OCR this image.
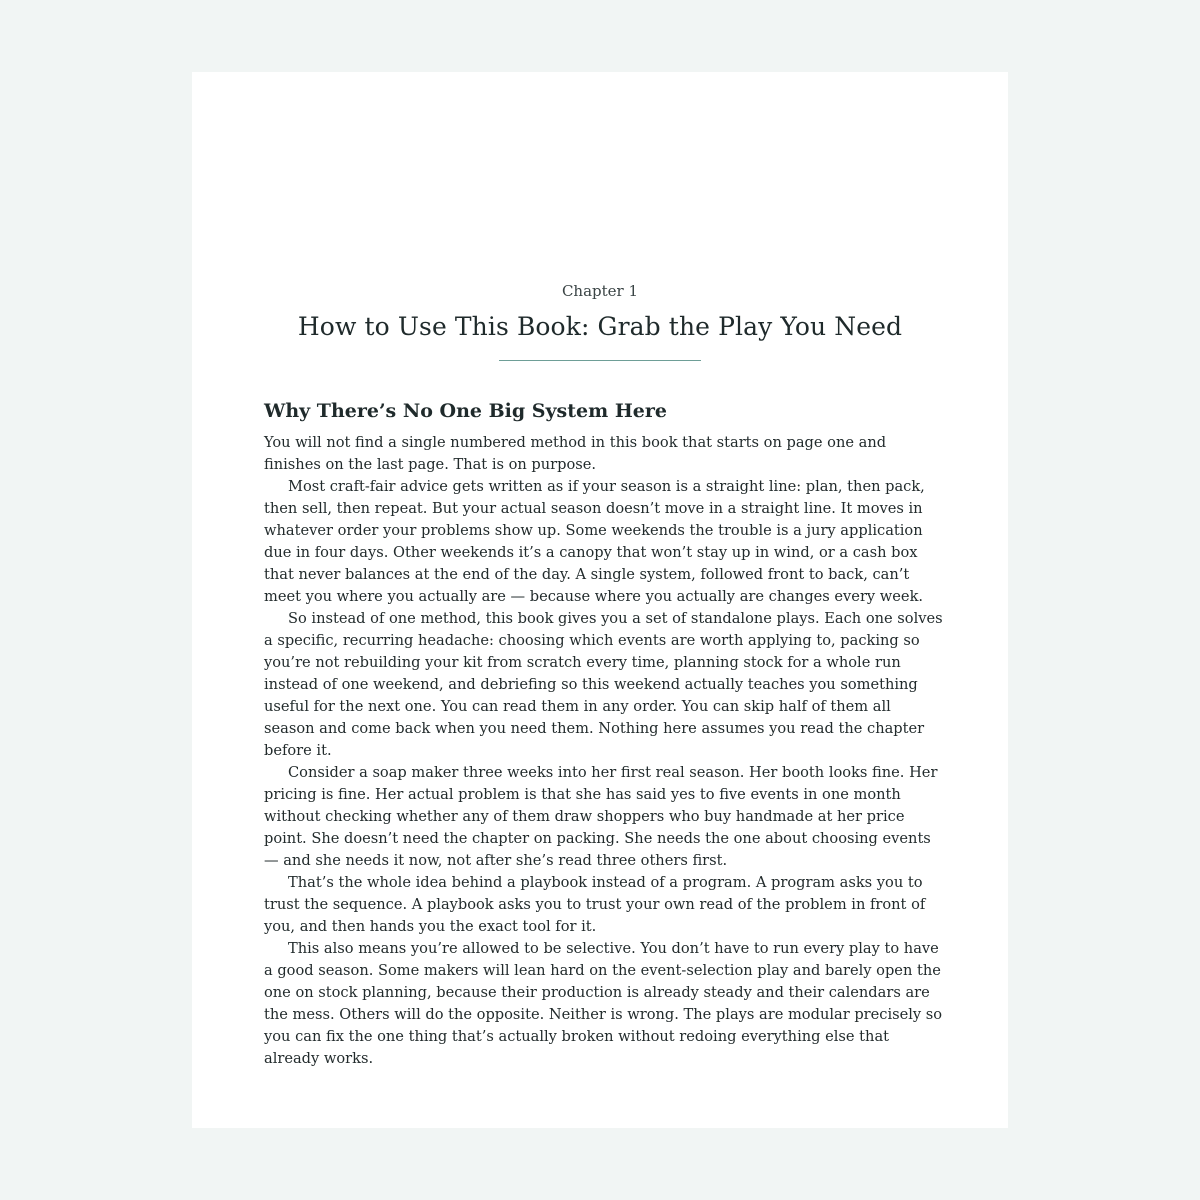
Chapter 1
How to Use This Book: Grab the Play You Need
Why There’s No One Big System Here

You will not find a single numbered method in this book that starts on page one and finishes on the last page. That is on purpose.

Most craft-fair advice gets written as if your season is a straight line: plan, then pack, then sell, then repeat. But your actual season doesn’t move in a straight line. It moves in whatever order your problems show up. Some weekends the trouble is a jury application due in four days. Other weekends it’s a canopy that won’t stay up in wind, or a cash box that never balances at the end of the day. A single system, followed front to back, can’t meet you where you actually are — because where you actually are changes every week.

So instead of one method, this book gives you a set of standalone plays. Each one solves a specific, recurring headache: choosing which events are worth applying to, packing so you’re not rebuilding your kit from scratch every time, planning stock for a whole run instead of one weekend, and debriefing so this weekend actually teaches you something useful for the next one. You can read them in any order. You can skip half of them all season and come back when you need them. Nothing here assumes you read the chapter before it.

Consider a soap maker three weeks into her first real season. Her booth looks fine. Her pricing is fine. Her actual problem is that she has said yes to five events in one month without checking whether any of them draw shoppers who buy handmade at her price point. She doesn’t need the chapter on packing. She needs the one about choosing events — and she needs it now, not after she’s read three others first.

That’s the whole idea behind a playbook instead of a program. A program asks you to trust the sequence. A playbook asks you to trust your own read of the problem in front of you, and then hands you the exact tool for it.

This also means you’re allowed to be selective. You don’t have to run every play to have a good season. Some makers will lean hard on the event-selection play and barely open the one on stock planning, because their production is already steady and their calendars are the mess. Others will do the opposite. Neither is wrong. The plays are modular precisely so you can fix the one thing that’s actually broken without redoing everything else that already works.
